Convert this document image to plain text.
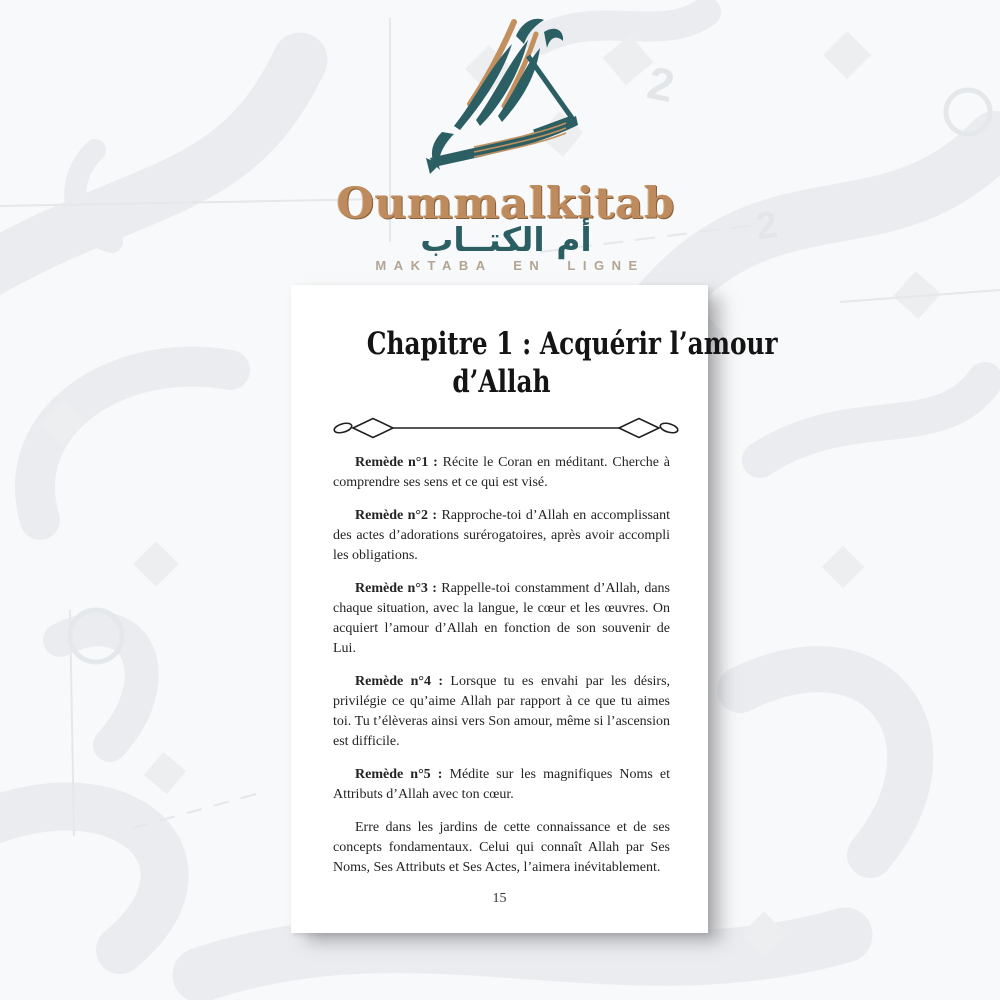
2
2
Oummalkitab
أم الكتــاب
MAKTABA EN LIGNE
Chapitre 1 : Acquérir l’amour
d’Allah

Remède n°1 : Récite le Coran en méditant. Cherche à comprendre ses sens et ce qui est visé.

Remède n°2 : Rapproche-toi d’Allah en accomplissant des actes d’adorations surérogatoires, après avoir accompli les obligations.

Remède n°3 : Rappelle-toi constamment d’Allah, dans chaque situation, avec la langue, le cœur et les œuvres. On acquiert l’amour d’Allah en fonction de son souvenir de Lui.

Remède n°4 : Lorsque tu es envahi par les désirs, privilégie ce qu’aime Allah par rapport à ce que tu aimes toi. Tu t’élèveras ainsi vers Son amour, même si l’ascension est difficile.

Remède n°5 : Médite sur les magnifiques Noms et Attributs d’Allah avec ton cœur.

Erre dans les jardins de cette connaissance et de ses concepts fondamentaux. Celui qui connaît Allah par Ses Noms, Ses Attributs et Ses Actes, l’aimera inévitablement.

15
